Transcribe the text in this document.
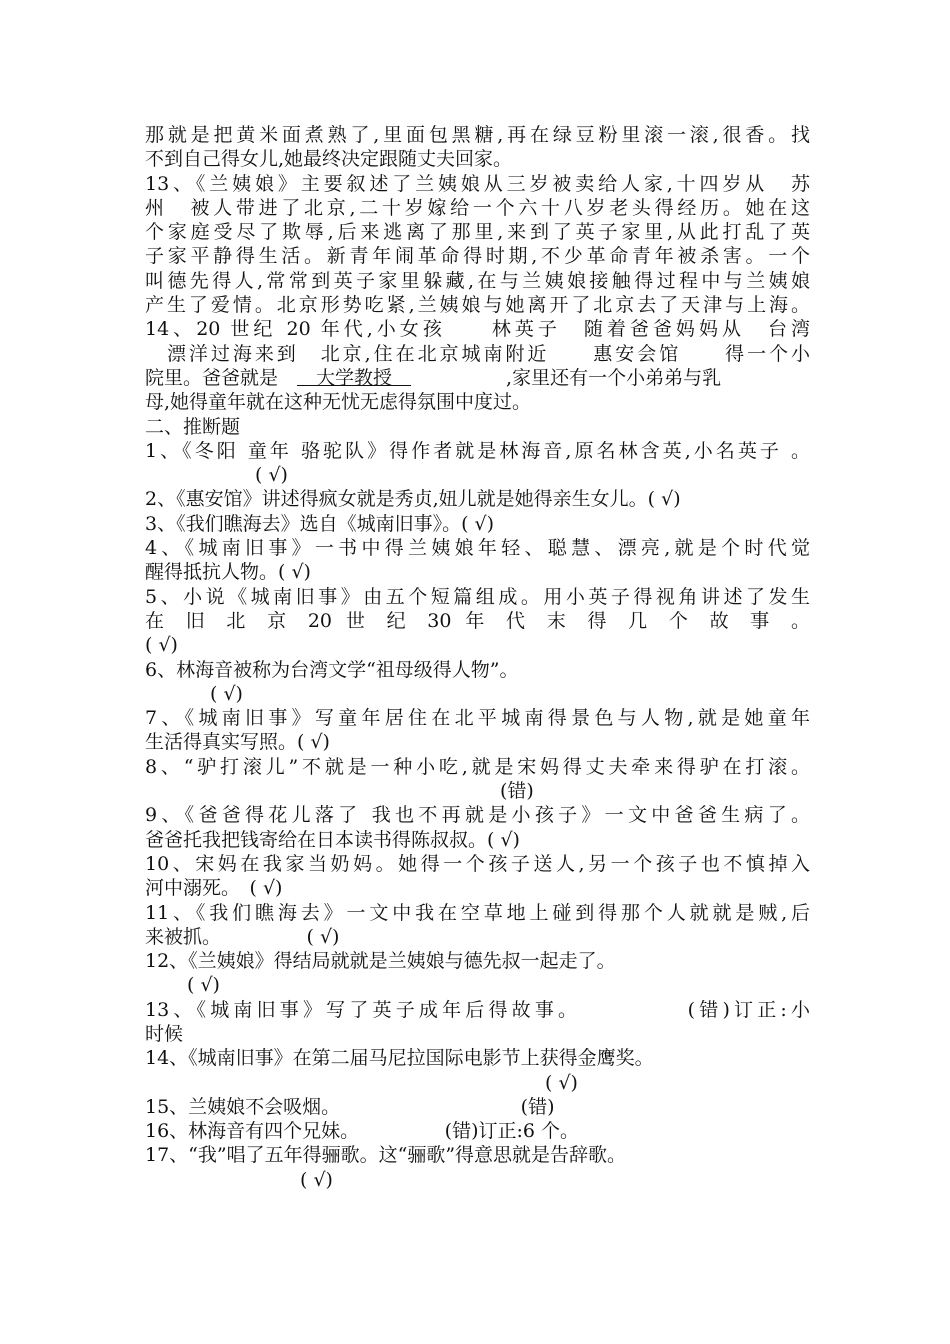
那就是把黄米面煮熟了,里面包黑糖,再在绿豆粉里滚一滚,很香。找
不到自己得女儿,她最终决定跟随丈夫回家。
13、《兰姨娘》主要叙述了兰姨娘从三岁被卖给人家,十四岁从　苏
州　被人带进了北京,二十岁嫁给一个六十八岁老头得经历。她在这
个家庭受尽了欺辱,后来逃离了那里,来到了英子家里,从此打乱了英
子家平静得生活。新青年闹革命得时期,不少革命青年被杀害。一个
叫德先得人,常常到英子家里躲藏,在与兰姨娘接触得过程中与兰姨娘
产生了爱情。北京形势吃紧,兰姨娘与她离开了北京去了天津与上海。
14、20 世纪 20 年代,小女孩　　林英子　随着爸爸妈妈从　台湾
　漂洋过海来到　北京,住在北京城南附近　　惠安会馆　　得一个小
院里。爸爸就是　　大学教授　　　　　　,家里还有一个小弟弟与乳
母,她得童年就在这种无忧无虑得氛围中度过。
二、推断题
1、《冬阳 童年 骆驼队》得作者就是林海音,原名林含英,小名英子 。
( √)
2、《惠安馆》讲述得疯女就是秀贞,妞儿就是她得亲生女儿。( √)
3、《我们瞧海去》选自《城南旧事》。( √)
4、《城南旧事》一书中得兰姨娘年轻、聪慧、漂亮,就是个时代觉
醒得抵抗人物。( √)
5、小说《城南旧事》由五个短篇组成。用小英子得视角讲述了发生
在 旧 北 京 20 世 纪 30 年 代 末 得 几 个 故 事 。
( √)
6、林海音被称为台湾文学“祖母级得人物”。
( √)
7、《城南旧事》写童年居住在北平城南得景色与人物,就是她童年
生活得真实写照。( √)
8、“驴打滚儿”不就是一种小吃,就是宋妈得丈夫牵来得驴在打滚。
(错)
9、《爸爸得花儿落了 我也不再就是小孩子》一文中爸爸生病了。
爸爸托我把钱寄给在日本读书得陈叔叔。( √)
10、宋妈在我家当奶妈。她得一个孩子送人,另一个孩子也不慎掉入
河中溺死。　( √)
11、《我们瞧海去》一文中我在空草地上碰到得那个人就就是贼,后
来被抓。　　　　　( √)
12、《兰姨娘》得结局就就是兰姨娘与德先叔一起走了。
( √)
13、《城南旧事》写了英子成年后得故事。　　　　　(错)订正:小
时候
14、《城南旧事》在第二届马尼拉国际电影节上获得金鹰奖。
( √)
15、兰姨娘不会吸烟。　　　　　　　　　　(错)
16、林海音有四个兄妹。　　　　　(错)订正:6 个。
17、“我”唱了五年得骊歌。这“骊歌”得意思就是告辞歌。
( √)
